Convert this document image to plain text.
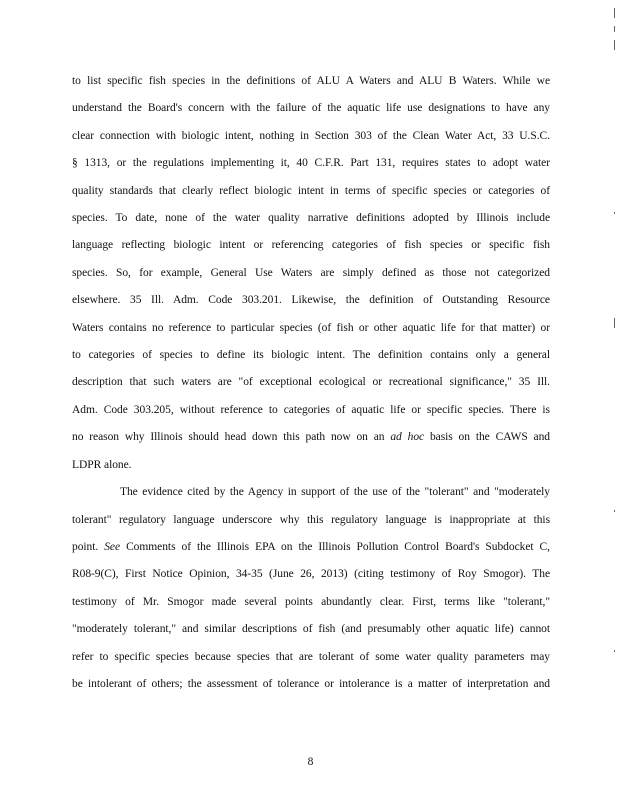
to list specific fish species in the definitions of ALU A Waters and ALU B Waters. While we
understand the Board's concern with the failure of the aquatic life use designations to have any
clear connection with biologic intent, nothing in Section 303 of the Clean Water Act, 33 U.S.C.
§ 1313, or the regulations implementing it, 40 C.F.R. Part 131, requires states to adopt water
quality standards that clearly reflect biologic intent in terms of specific species or categories of
species. To date, none of the water quality narrative definitions adopted by Illinois include
language reflecting biologic intent or referencing categories of fish species or specific fish
species. So, for example, General Use Waters are simply defined as those not categorized
elsewhere. 35 Ill. Adm. Code 303.201. Likewise, the definition of Outstanding Resource
Waters contains no reference to particular species (of fish or other aquatic life for that matter) or
to categories of species to define its biologic intent. The definition contains only a general
description that such waters are "of exceptional ecological or recreational significance," 35 Ill.
Adm. Code 303.205, without reference to categories of aquatic life or specific species. There is
no reason why Illinois should head down this path now on an ad hoc basis on the CAWS and
LDPR alone.

The evidence cited by the Agency in support of the use of the "tolerant" and "moderately
tolerant" regulatory language underscore why this regulatory language is inappropriate at this
point. See Comments of the Illinois EPA on the Illinois Pollution Control Board's Subdocket C,
R08-9(C), First Notice Opinion, 34-35 (June 26, 2013) (citing testimony of Roy Smogor). The
testimony of Mr. Smogor made several points abundantly clear. First, terms like "tolerant,"
"moderately tolerant," and similar descriptions of fish (and presumably other aquatic life) cannot
refer to specific species because species that are tolerant of some water quality parameters may
be intolerant of others; the assessment of tolerance or intolerance is a matter of interpretation and

8
